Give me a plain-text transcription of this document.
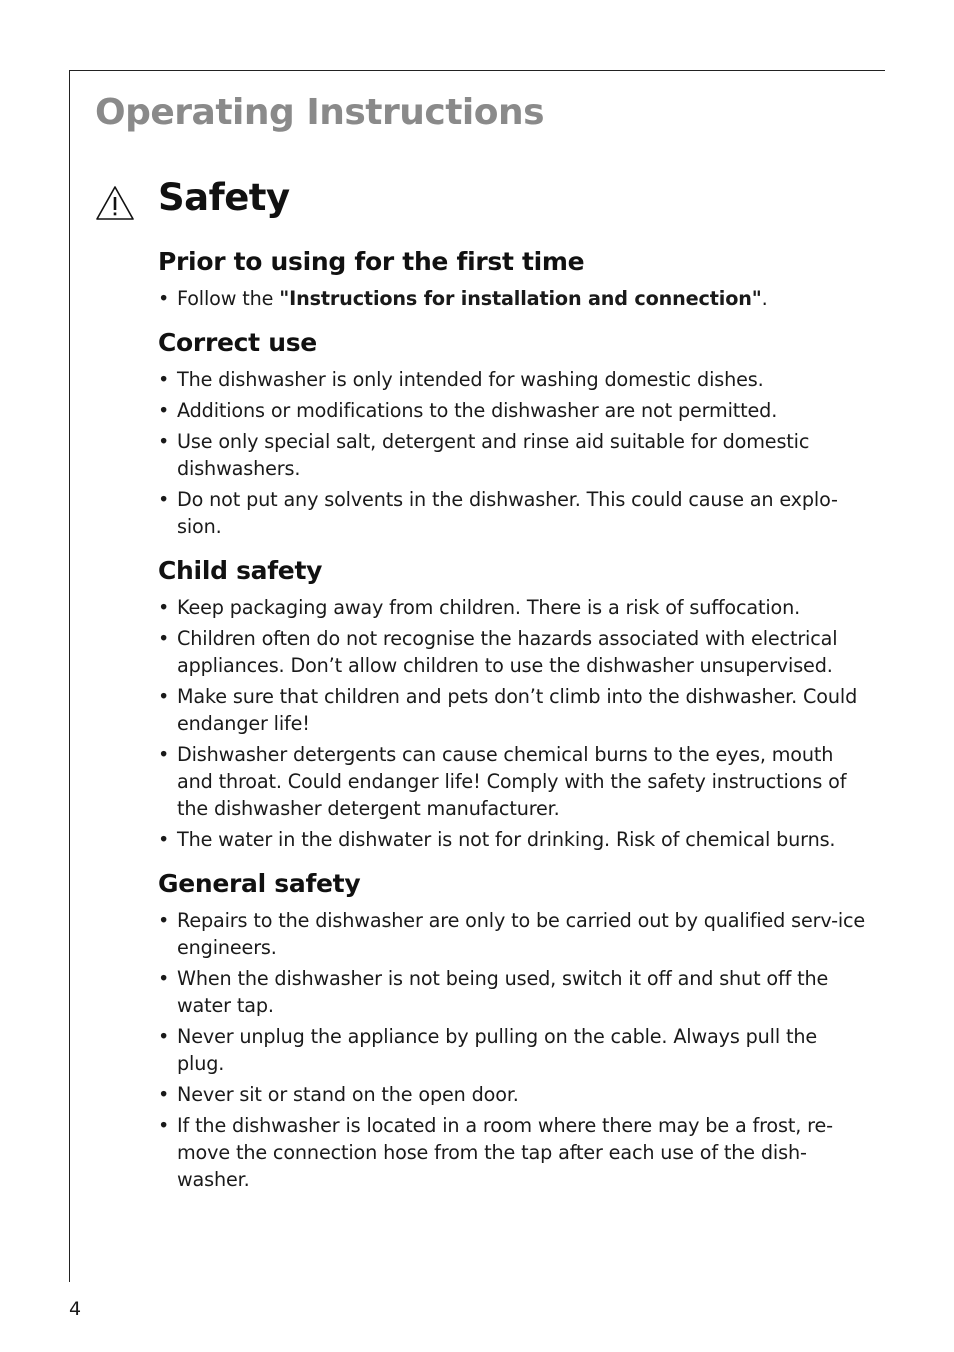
Operating Instructions
Safety
Prior to using for the first time
• Follow the "Instructions for installation and connection".
Correct use
• The dishwasher is only intended for washing domestic dishes.
• Additions or modifications to the dishwasher are not permitted.
• Use only special salt, detergent and rinse aid suitable for domestic dishwashers.
• Do not put any solvents in the dishwasher. This could cause an explo-sion.
Child safety
• Keep packaging away from children. There is a risk of suffocation.
• Children often do not recognise the hazards associated with electrical appliances. Don’t allow children to use the dishwasher unsupervised.
• Make sure that children and pets don’t climb into the dishwasher. Could endanger life!
• Dishwasher detergents can cause chemical burns to the eyes, mouth and throat. Could endanger life! Comply with the safety instructions of the dishwasher detergent manufacturer.
• The water in the dishwater is not for drinking. Risk of chemical burns.
General safety
• Repairs to the dishwasher are only to be carried out by qualified serv-ice engineers.
• When the dishwasher is not being used, switch it off and shut off the water tap.
• Never unplug the appliance by pulling on the cable. Always pull the plug.
• Never sit or stand on the open door.
• If the dishwasher is located in a room where there may be a frost, re-move the connection hose from the tap after each use of the dish-washer.
4
